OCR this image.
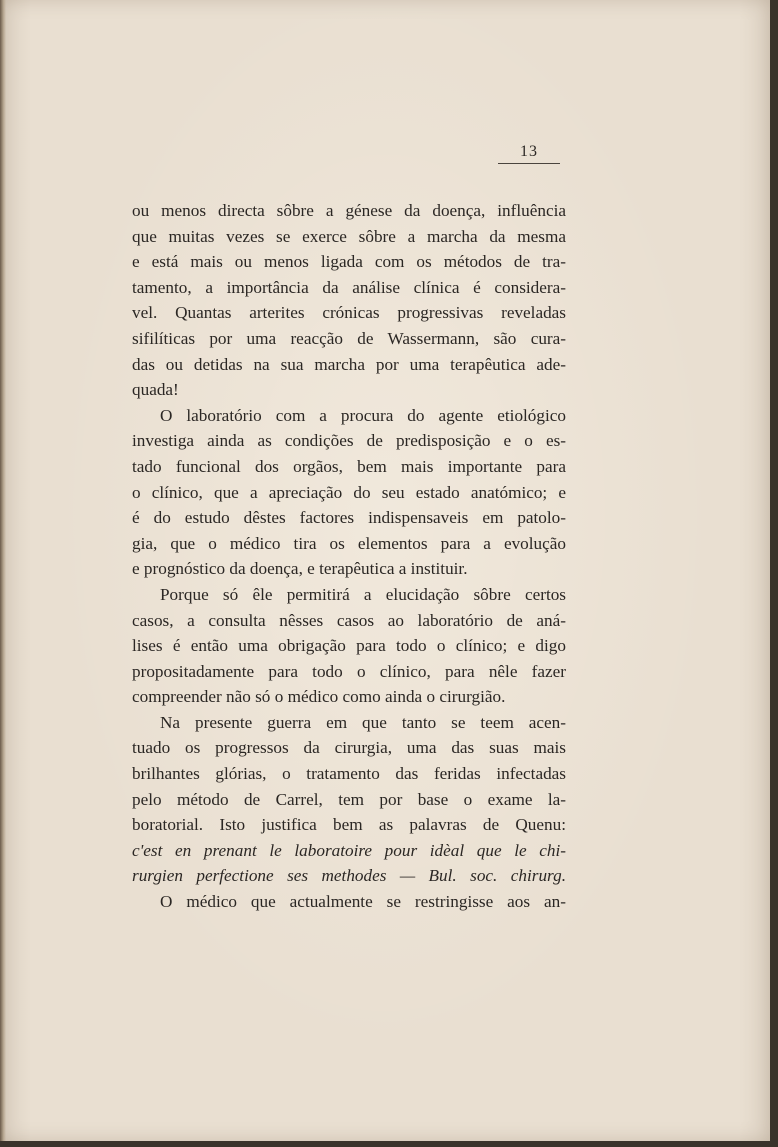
13
ou menos directa sôbre a génese da doença, influência
que muitas vezes se exerce sôbre a marcha da mesma
e está mais ou menos ligada com os métodos de tra-
tamento, a importância da análise clínica é considera-
vel. Quantas arterites crónicas progressivas reveladas
sifilíticas por uma reacção de Wassermann, são cura-
das ou detidas na sua marcha por uma terapêutica ade-
quada!
O laboratório com a procura do agente etiológico
investiga ainda as condições de predisposição e o es-
tado funcional dos orgãos, bem mais importante para
o clínico, que a apreciação do seu estado anatómico; e
é do estudo dêstes factores indispensaveis em patolo-
gia, que o médico tira os elementos para a evolução
e prognóstico da doença, e terapêutica a instituir.
Porque só êle permitirá a elucidação sôbre certos
casos, a consulta nêsses casos ao laboratório de aná-
lises é então uma obrigação para todo o clínico; e digo
propositadamente para todo o clínico, para nêle fazer
compreender não só o médico como ainda o cirurgião.
Na presente guerra em que tanto se teem acen-
tuado os progressos da cirurgia, uma das suas mais
brilhantes glórias, o tratamento das feridas infectadas
pelo método de Carrel, tem por base o exame la-
boratorial. Isto justifica bem as palavras de Quenu:
c'est en prenant le laboratoire pour idèal que le chi-
rurgien perfectione ses methodes — Bul. soc. chirurg.
O médico que actualmente se restringisse aos an-
